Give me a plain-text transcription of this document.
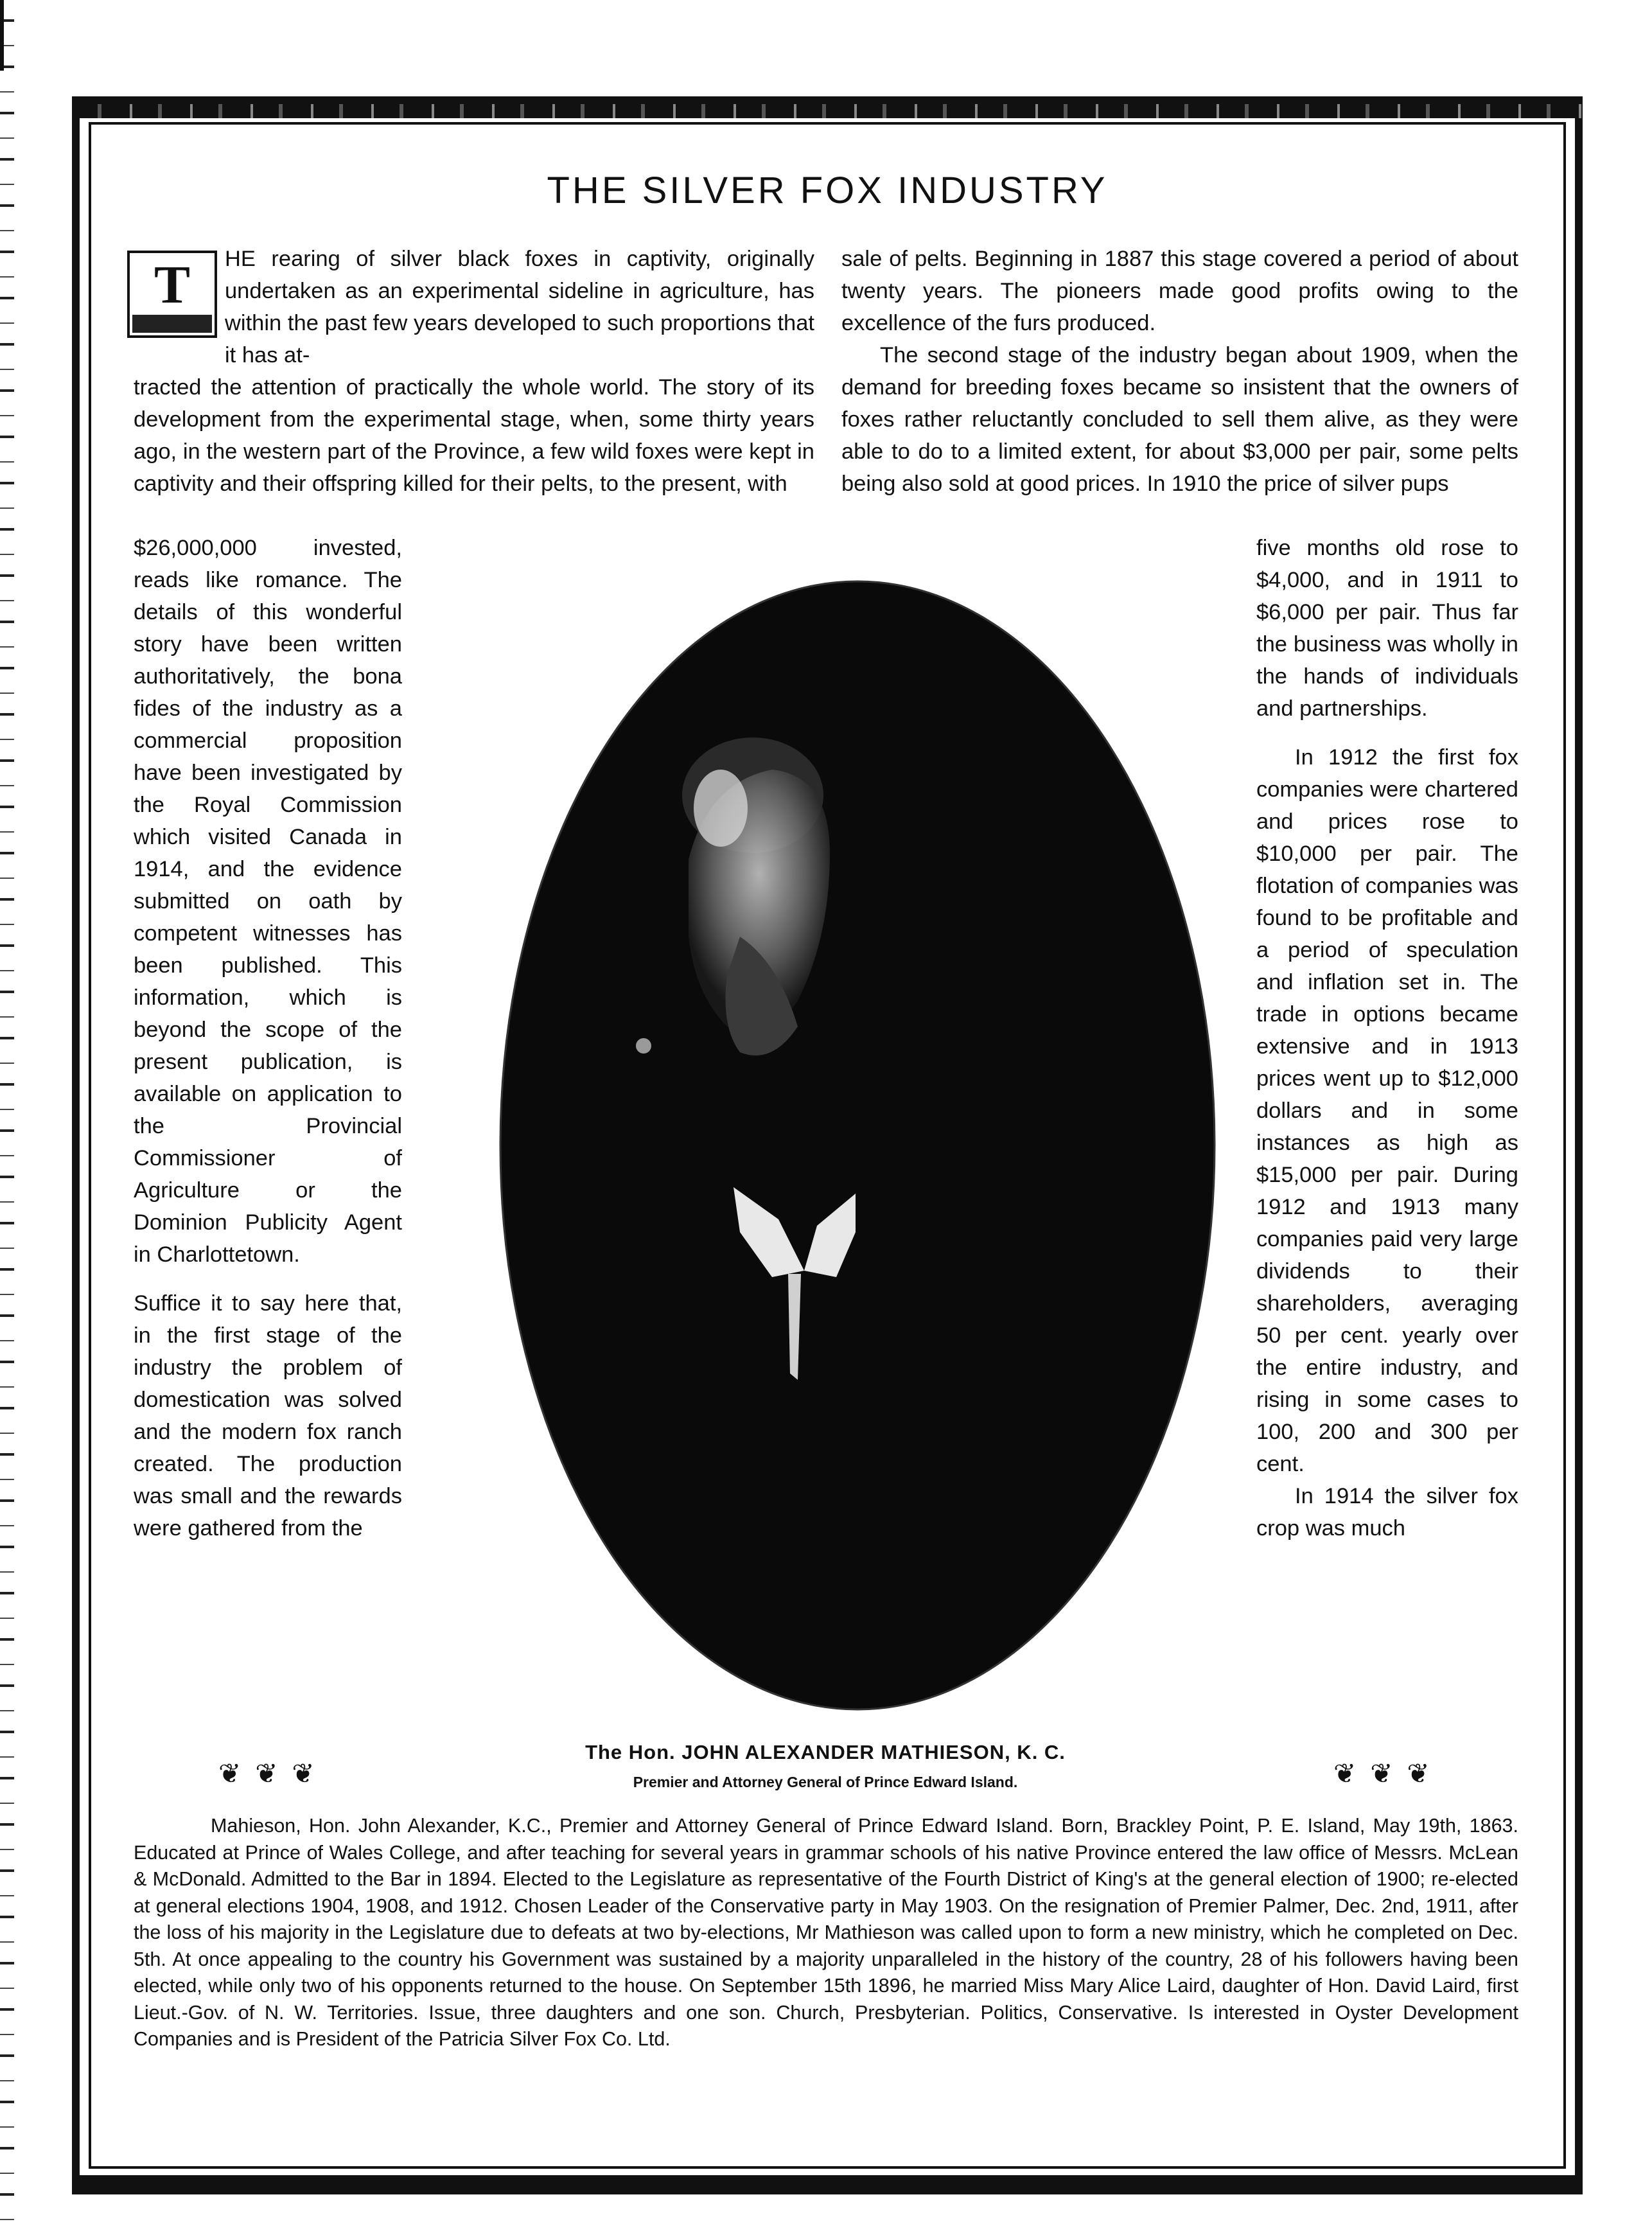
THE SILVER FOX INDUSTRY
T	HE rearing of silver black foxes in captivity, originally undertaken as an experimental sideline in agriculture, has within the past few years developed to such proportions that it has at-

tracted the attention of practically the whole world. The story of its development from the experimental stage, when, some thirty years ago, in the western part of the Province, a few wild foxes were kept in captivity and their offspring killed for their pelts, to the present, with

$26,000,000 invested, reads like romance. The details of this wonderful story have been written authoritatively, the bona fides of the industry as a commercial proposition have been investigated by the Royal Commission which visited Canada in 1914, and the evidence submitted on oath by competent witnesses has been published. This information, which is beyond the scope of the present publication, is available on application to the Provincial Commissioner of Agriculture or the Dominion Publicity Agent in Charlottetown.

Suffice it to say here that, in the first stage of the industry the problem of domestication was solved and the modern fox ranch created. The production was small and the rewards were gathered from the

sale of pelts. Beginning in 1887 this stage covered a period of about twenty years. The pioneers made good profits owing to the excellence of the furs produced.

The second stage of the industry began about 1909, when the demand for breeding foxes became so insistent that the owners of foxes rather reluctantly concluded to sell them alive, as they were able to do to a limited extent, for about $3,000 per pair, some pelts being also sold at good prices. In 1910 the price of silver pups

five months old rose to $4,000, and in 1911 to $6,000 per pair. Thus far the business was wholly in the hands of individuals and partnerships.

In 1912 the first fox companies were chartered and prices rose to $10,000 per pair. The flotation of companies was found to be profitable and a period of speculation and inflation set in. The trade in options became extensive and in 1913 prices went up to $12,000 dollars and in some instances as high as $15,000 per pair. During 1912 and 1913 many companies paid very large dividends to their shareholders, averaging 50 per cent. yearly over the entire industry, and rising in some cases to 100, 200 and 300 per cent.

In 1914 the silver fox crop was much

❦❦❦	❦❦❦
The Hon. JOHN ALEXANDER MATHIESON, K. C.
Premier and Attorney General of Prince Edward Island.

Mahieson, Hon. John Alexander, K.C., Premier and Attorney General of Prince Edward Island. Born, Brackley Point, P. E. Island, May 19th, 1863. Educated at Prince of Wales College, and after teaching for several years in grammar schools of his native Province entered the law office of Messrs. McLean & McDonald. Admitted to the Bar in 1894. Elected to the Legislature as representative of the Fourth District of King's at the general election of 1900; re-elected at general elections 1904, 1908, and 1912. Chosen Leader of the Conservative party in May 1903. On the resignation of Premier Palmer, Dec. 2nd, 1911, after the loss of his majority in the Legislature due to defeats at two by-elections, Mr Mathieson was called upon to form a new ministry, which he completed on Dec. 5th. At once appealing to the country his Government was sustained by a majority unparalleled in the history of the country, 28 of his followers having been elected, while only two of his opponents returned to the house. On September 15th 1896, he married Miss Mary Alice Laird, daughter of Hon. David Laird, first Lieut.-Gov. of N. W. Territories. Issue, three daughters and one son. Church, Presbyterian. Politics, Conservative. Is interested in Oyster Development Companies and is President of the Patricia Silver Fox Co. Ltd.
